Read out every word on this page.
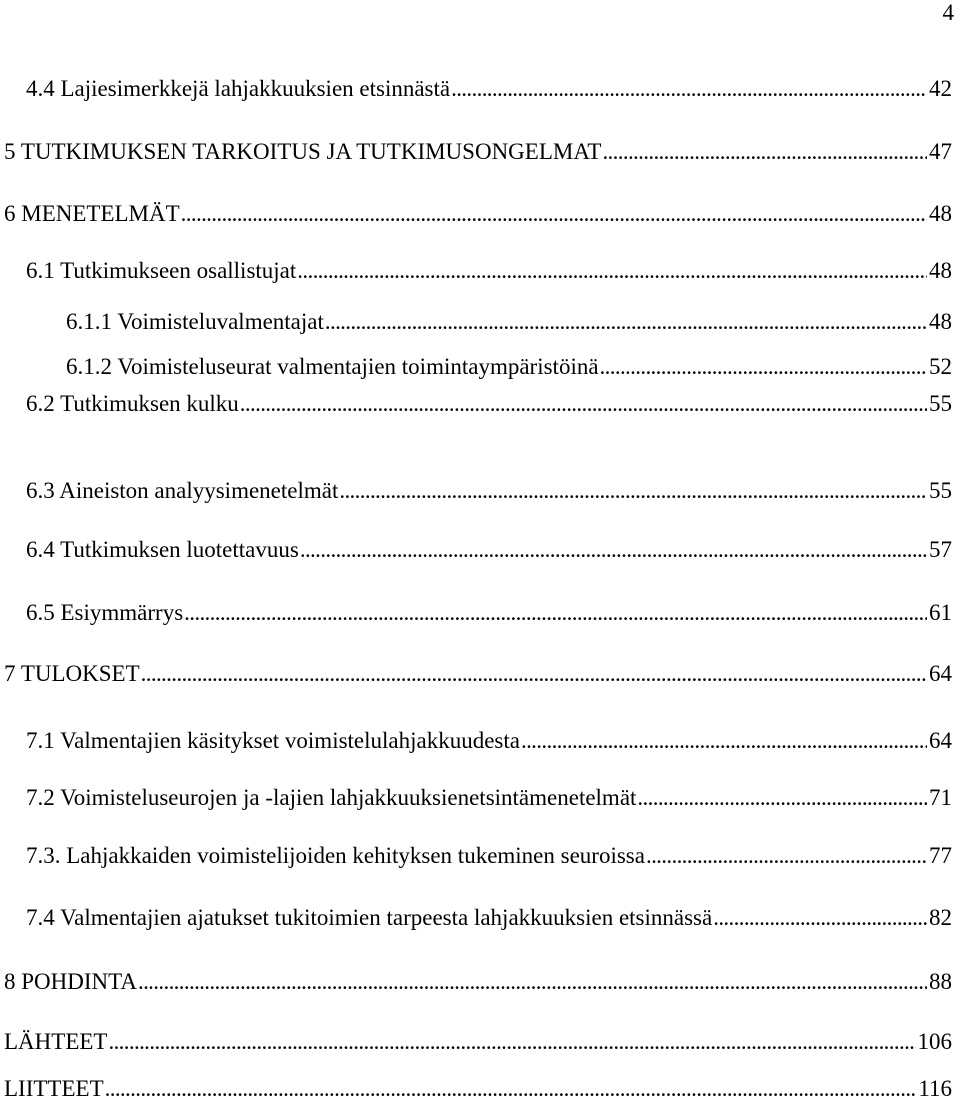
4
4.4 Lajiesimerkkejä lahjakkuuksien etsinnästä . . .	42
5 TUTKIMUKSEN TARKOITUS JA TUTKIMUSONGELMAT . . .	47
6 MENETELMÄT . . .	48
6.1 Tutkimukseen osallistujat . . .	48
6.1.1 Voimisteluvalmentajat . . .	48
6.1.2 Voimisteluseurat valmentajien toimintaympäristöinä . . .	52
6.2 Tutkimuksen kulku . . .	55
6.3 Aineiston analyysimenetelmät . . .	55
6.4 Tutkimuksen luotettavuus . . .	57
6.5 Esiymmärrys . . .	61
7 TULOKSET . . .	64
7.1 Valmentajien käsitykset voimistelulahjakkuudesta . . .	64
7.2 Voimisteluseurojen ja -lajien lahjakkuuksienetsintämenetelmät . . .	71
7.3. Lahjakkaiden voimistelijoiden kehityksen tukeminen seuroissa . . .	77
7.4 Valmentajien ajatukset tukitoimien tarpeesta lahjakkuuksien etsinnässä . . .	82
8 POHDINTA . . .	88
LÄHTEET . . .	106
LIITTEET . . .	116
